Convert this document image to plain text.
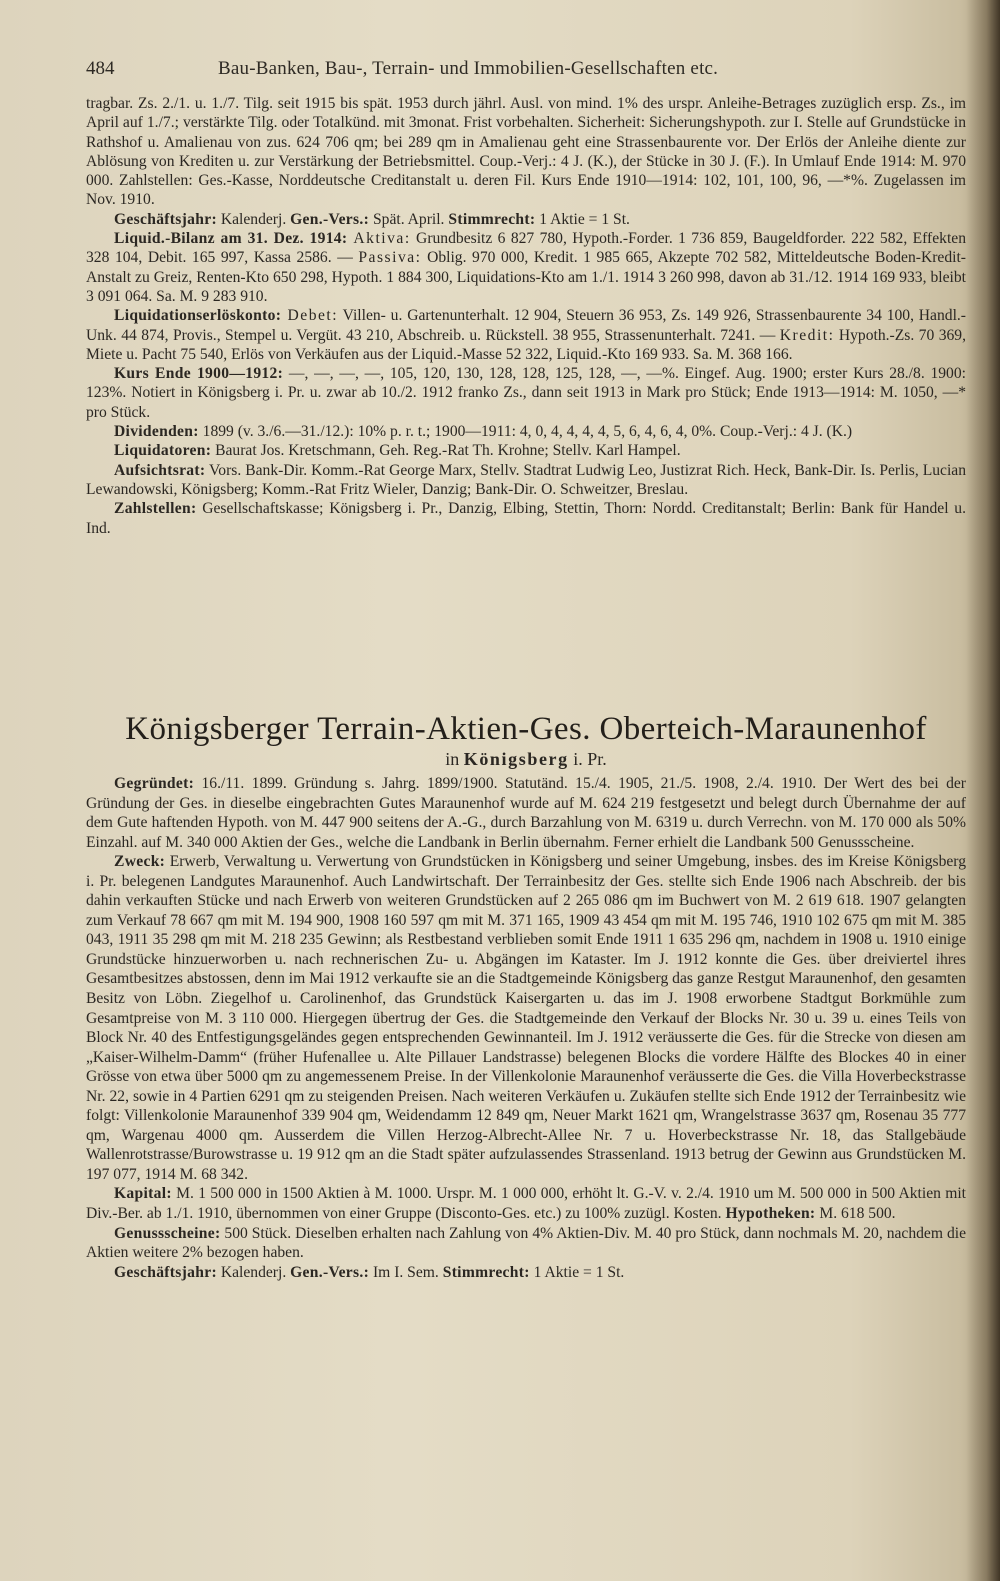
484	Bau-Banken, Bau-, Terrain- und Immobilien-Gesellschaften etc.

tragbar. Zs. 2./1. u. 1./7. Tilg. seit 1915 bis spät. 1953 durch jährl. Ausl. von mind. 1% des urspr. Anleihe-Betrages zuzüglich ersp. Zs., im April auf 1./7.; verstärkte Tilg. oder Totalkünd. mit 3monat. Frist vorbehalten. Sicherheit: Sicherungshypoth. zur I. Stelle auf Grundstücke in Rathshof u. Amalienau von zus. 624 706 qm; bei 289 qm in Amalienau geht eine Strassenbaurente vor. Der Erlös der Anleihe diente zur Ablösung von Krediten u. zur Verstärkung der Betriebsmittel. Coup.-Verj.: 4 J. (K.), der Stücke in 30 J. (F.). In Umlauf Ende 1914: M. 970 000. Zahlstellen: Ges.-Kasse, Norddeutsche Creditanstalt u. deren Fil. Kurs Ende 1910—1914: 102, 101, 100, 96, —*%. Zugelassen im Nov. 1910.

Geschäftsjahr: Kalenderj. Gen.-Vers.: Spät. April. Stimmrecht: 1 Aktie = 1 St.

Liquid.-Bilanz am 31. Dez. 1914: Aktiva: Grundbesitz 6 827 780, Hypoth.-Forder. 1 736 859, Baugeldforder. 222 582, Effekten 328 104, Debit. 165 997, Kassa 2586. — Passiva: Oblig. 970 000, Kredit. 1 985 665, Akzepte 702 582, Mitteldeutsche Boden-Kredit-Anstalt zu Greiz, Renten-Kto 650 298, Hypoth. 1 884 300, Liquidations-Kto am 1./1. 1914 3 260 998, davon ab 31./12. 1914 169 933, bleibt 3 091 064. Sa. M. 9 283 910.

Liquidationserlöskonto: Debet: Villen- u. Gartenunterhalt. 12 904, Steuern 36 953, Zs. 149 926, Strassenbaurente 34 100, Handl.-Unk. 44 874, Provis., Stempel u. Vergüt. 43 210, Abschreib. u. Rückstell. 38 955, Strassenunterhalt. 7241. — Kredit: Hypoth.-Zs. 70 369, Miete u. Pacht 75 540, Erlös von Verkäufen aus der Liquid.-Masse 52 322, Liquid.-Kto 169 933. Sa. M. 368 166.

Kurs Ende 1900—1912: —, —, —, —, 105, 120, 130, 128, 128, 125, 128, —, —%. Eingef. Aug. 1900; erster Kurs 28./8. 1900: 123%. Notiert in Königsberg i. Pr. u. zwar ab 10./2. 1912 franko Zs., dann seit 1913 in Mark pro Stück; Ende 1913—1914: M. 1050, —* pro Stück.

Dividenden: 1899 (v. 3./6.—31./12.): 10% p. r. t.; 1900—1911: 4, 0, 4, 4, 4, 4, 5, 6, 4, 6, 4, 0%. Coup.-Verj.: 4 J. (K.)

Liquidatoren: Baurat Jos. Kretschmann, Geh. Reg.-Rat Th. Krohne; Stellv. Karl Hampel.

Aufsichtsrat: Vors. Bank-Dir. Komm.-Rat George Marx, Stellv. Stadtrat Ludwig Leo, Justizrat Rich. Heck, Bank-Dir. Is. Perlis, Lucian Lewandowski, Königsberg; Komm.-Rat Fritz Wieler, Danzig; Bank-Dir. O. Schweitzer, Breslau.

Zahlstellen: Gesellschaftskasse; Königsberg i. Pr., Danzig, Elbing, Stettin, Thorn: Nordd. Creditanstalt; Berlin: Bank für Handel u. Ind.

Königsberger Terrain-Aktien-Ges. Oberteich-Maraunenhof
in Königsberg i. Pr.

Gegründet: 16./11. 1899. Gründung s. Jahrg. 1899/1900. Statutänd. 15./4. 1905, 21./5. 1908, 2./4. 1910. Der Wert des bei der Gründung der Ges. in dieselbe eingebrachten Gutes Maraunenhof wurde auf M. 624 219 festgesetzt und belegt durch Übernahme der auf dem Gute haftenden Hypoth. von M. 447 900 seitens der A.-G., durch Barzahlung von M. 6319 u. durch Verrechn. von M. 170 000 als 50% Einzahl. auf M. 340 000 Aktien der Ges., welche die Landbank in Berlin übernahm. Ferner erhielt die Landbank 500 Genussscheine.

Zweck: Erwerb, Verwaltung u. Verwertung von Grundstücken in Königsberg und seiner Umgebung, insbes. des im Kreise Königsberg i. Pr. belegenen Landgutes Maraunenhof. Auch Landwirtschaft. Der Terrainbesitz der Ges. stellte sich Ende 1906 nach Abschreib. der bis dahin verkauften Stücke und nach Erwerb von weiteren Grundstücken auf 2 265 086 qm im Buchwert von M. 2 619 618. 1907 gelangten zum Verkauf 78 667 qm mit M. 194 900, 1908 160 597 qm mit M. 371 165, 1909 43 454 qm mit M. 195 746, 1910 102 675 qm mit M. 385 043, 1911 35 298 qm mit M. 218 235 Gewinn; als Restbestand verblieben somit Ende 1911 1 635 296 qm, nachdem in 1908 u. 1910 einige Grundstücke hinzuerworben u. nach rechnerischen Zu- u. Abgängen im Kataster. Im J. 1912 konnte die Ges. über dreiviertel ihres Gesamtbesitzes abstossen, denn im Mai 1912 verkaufte sie an die Stadtgemeinde Königsberg das ganze Restgut Maraunenhof, den gesamten Besitz von Löbn. Ziegelhof u. Carolinenhof, das Grundstück Kaisergarten u. das im J. 1908 erworbene Stadtgut Borkmühle zum Gesamtpreise von M. 3 110 000. Hiergegen übertrug der Ges. die Stadtgemeinde den Verkauf der Blocks Nr. 30 u. 39 u. eines Teils von Block Nr. 40 des Entfestigungsgeländes gegen entsprechenden Gewinnanteil. Im J. 1912 veräusserte die Ges. für die Strecke von diesen am „Kaiser-Wilhelm-Damm“ (früher Hufenallee u. Alte Pillauer Landstrasse) belegenen Blocks die vordere Hälfte des Blockes 40 in einer Grösse von etwa über 5000 qm zu angemessenem Preise. In der Villenkolonie Maraunenhof veräusserte die Ges. die Villa Hoverbeckstrasse Nr. 22, sowie in 4 Partien 6291 qm zu steigenden Preisen. Nach weiteren Verkäufen u. Zukäufen stellte sich Ende 1912 der Terrainbesitz wie folgt: Villenkolonie Maraunenhof 339 904 qm, Weidendamm 12 849 qm, Neuer Markt 1621 qm, Wrangelstrasse 3637 qm, Rosenau 35 777 qm, Wargenau 4000 qm. Ausserdem die Villen Herzog-Albrecht-Allee Nr. 7 u. Hoverbeckstrasse Nr. 18, das Stallgebäude Wallenrotstrasse/Burowstrasse u. 19 912 qm an die Stadt später aufzulassendes Strassenland. 1913 betrug der Gewinn aus Grundstücken M. 197 077, 1914 M. 68 342.

Kapital: M. 1 500 000 in 1500 Aktien à M. 1000. Urspr. M. 1 000 000, erhöht lt. G.-V. v. 2./4. 1910 um M. 500 000 in 500 Aktien mit Div.-Ber. ab 1./1. 1910, übernommen von einer Gruppe (Disconto-Ges. etc.) zu 100% zuzügl. Kosten. Hypotheken: M. 618 500.

Genussscheine: 500 Stück. Dieselben erhalten nach Zahlung von 4% Aktien-Div. M. 40 pro Stück, dann nochmals M. 20, nachdem die Aktien weitere 2% bezogen haben.

Geschäftsjahr: Kalenderj. Gen.-Vers.: Im I. Sem. Stimmrecht: 1 Aktie = 1 St.
